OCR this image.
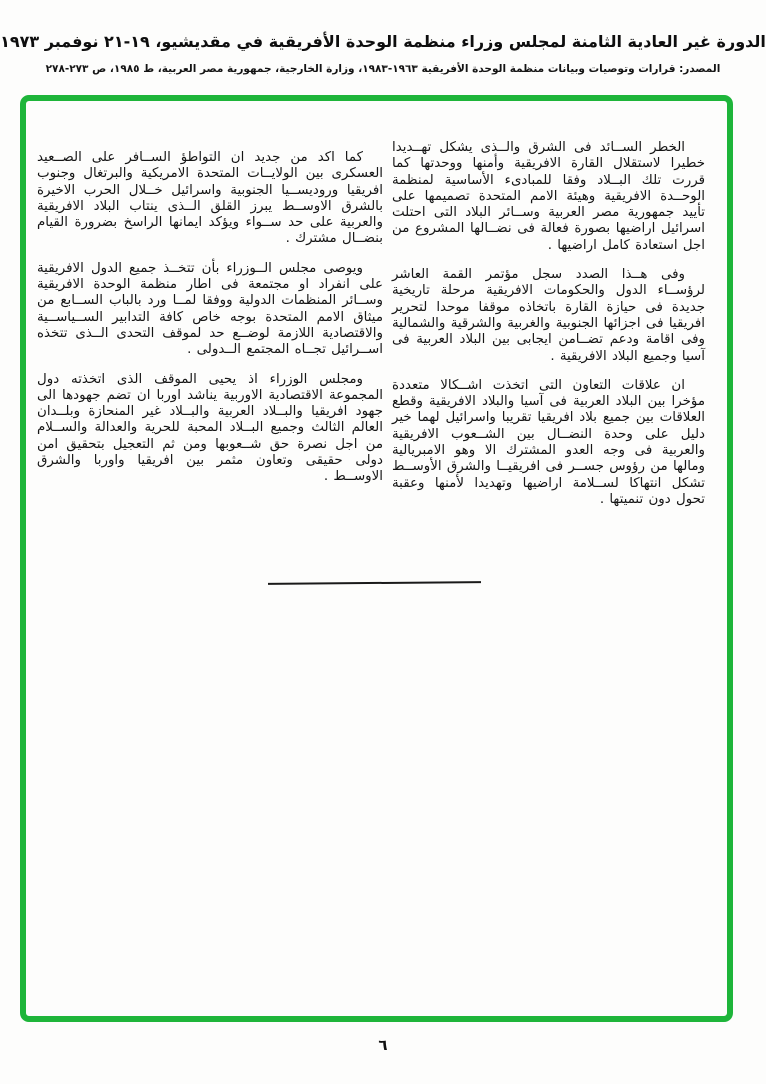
الدورة غير العادية الثامنة لمجلس وزراء منظمة الوحدة الأفريقية في مقديشيو، ١٩-٢١ نوفمبر ١٩٧٣
المصدر: قرارات وتوصيات وبيانات منظمة الوحدة الأفريقية ١٩٦٣-١٩٨٣، وزارة الخارجية، جمهورية مصر العربية، ط ١٩٨٥، ص ٢٧٣-٢٧٨

الخطر الســائد فى الشرق والــذى يشكل تهــديدا خطيرا لاستقلال القارة الافريقية وأمنها ووحدتها كما قررت تلك البــلاد وفقا للمبادىء الأساسية لمنظمة الوحــدة الافريقية وهيئة الامم المتحدة تصميمها على تأييد جمهورية مصر العربية وســائر البلاد التى احتلت اسرائيل اراضيها بصورة فعالة فى نضــالها المشروع من اجل استعادة كامل اراضيها .

وفى هــذا الصدد سجل مؤتمر القمة العاشر لرؤســاء الدول والحكومات الافريقية مرحلة تاريخية جديدة فى حيازة القارة باتخاذه موقفا موحدا لتحرير افريقيا فى اجزائها الجنوبية والغربية والشرقية والشمالية وفى اقامة ودعم تضــامن ايجابى بين البلاد العربية فى آسيا وجميع البلاد الافريقية .

ان علاقات التعاون التى اتخذت اشــكالا متعددة مؤخرا بين البلاد العربية فى آسيا والبلاد الافريقية وقطع العلاقات بين جميع بلاد افريقيا تقريبا واسرائيل لهما خير دليل على وحدة النضــال بين الشــعوب الافريقية والعربية فى وجه العدو المشترك الا وهو الامبريالية ومالها من رؤوس جســر فى افريقيــا والشرق الأوســط تشكل انتهاكا لســلامة اراضيها وتهديدا لأمنها وعقبة تحول دون تنميتها .

كما اكد من جديد ان التواطؤ الســافر على الصــعيد العسكرى بين الولايــات المتحدة الامريكية والبرتغال وجنوب افريقيا وروديســيا الجنوبية واسرائيل خــلال الحرب الاخيرة بالشرق الاوســط يبرز القلق الــذى ينتاب البلاد الافريقية والعربية على حد ســواء ويؤكد ايمانها الراسخ بضرورة القيام بنضــال مشترك .

ويوصى مجلس الــوزراء بأن تتخــذ جميع الدول الافريقية على انفراد او مجتمعة فى اطار منظمة الوحدة الافريقية وســائر المنظمات الدولية ووفقا لمــا ورد بالباب الســابع من ميثاق الامم المتحدة بوجه خاص كافة التدابير الســياســية والاقتصادية اللازمة لوضــع حد لموقف التحدى الــذى تتخذه اســرائيل تجــاه المجتمع الــدولى .

ومجلس الوزراء اذ يحيى الموقف الذى اتخذته دول المجموعة الاقتصادية الاوربية يناشد اوربا ان تضم جهودها الى جهود افريقيا والبــلاد العربية والبــلاد غير المنحازة وبلــدان العالم الثالث وجميع البــلاد المحبة للحرية والعدالة والســلام من اجل نصرة حق شــعوبها ومن ثم التعجيل بتحقيق امن دولى حقيقى وتعاون مثمر بين افريقيا واوربا والشرق الاوســط .

٦
